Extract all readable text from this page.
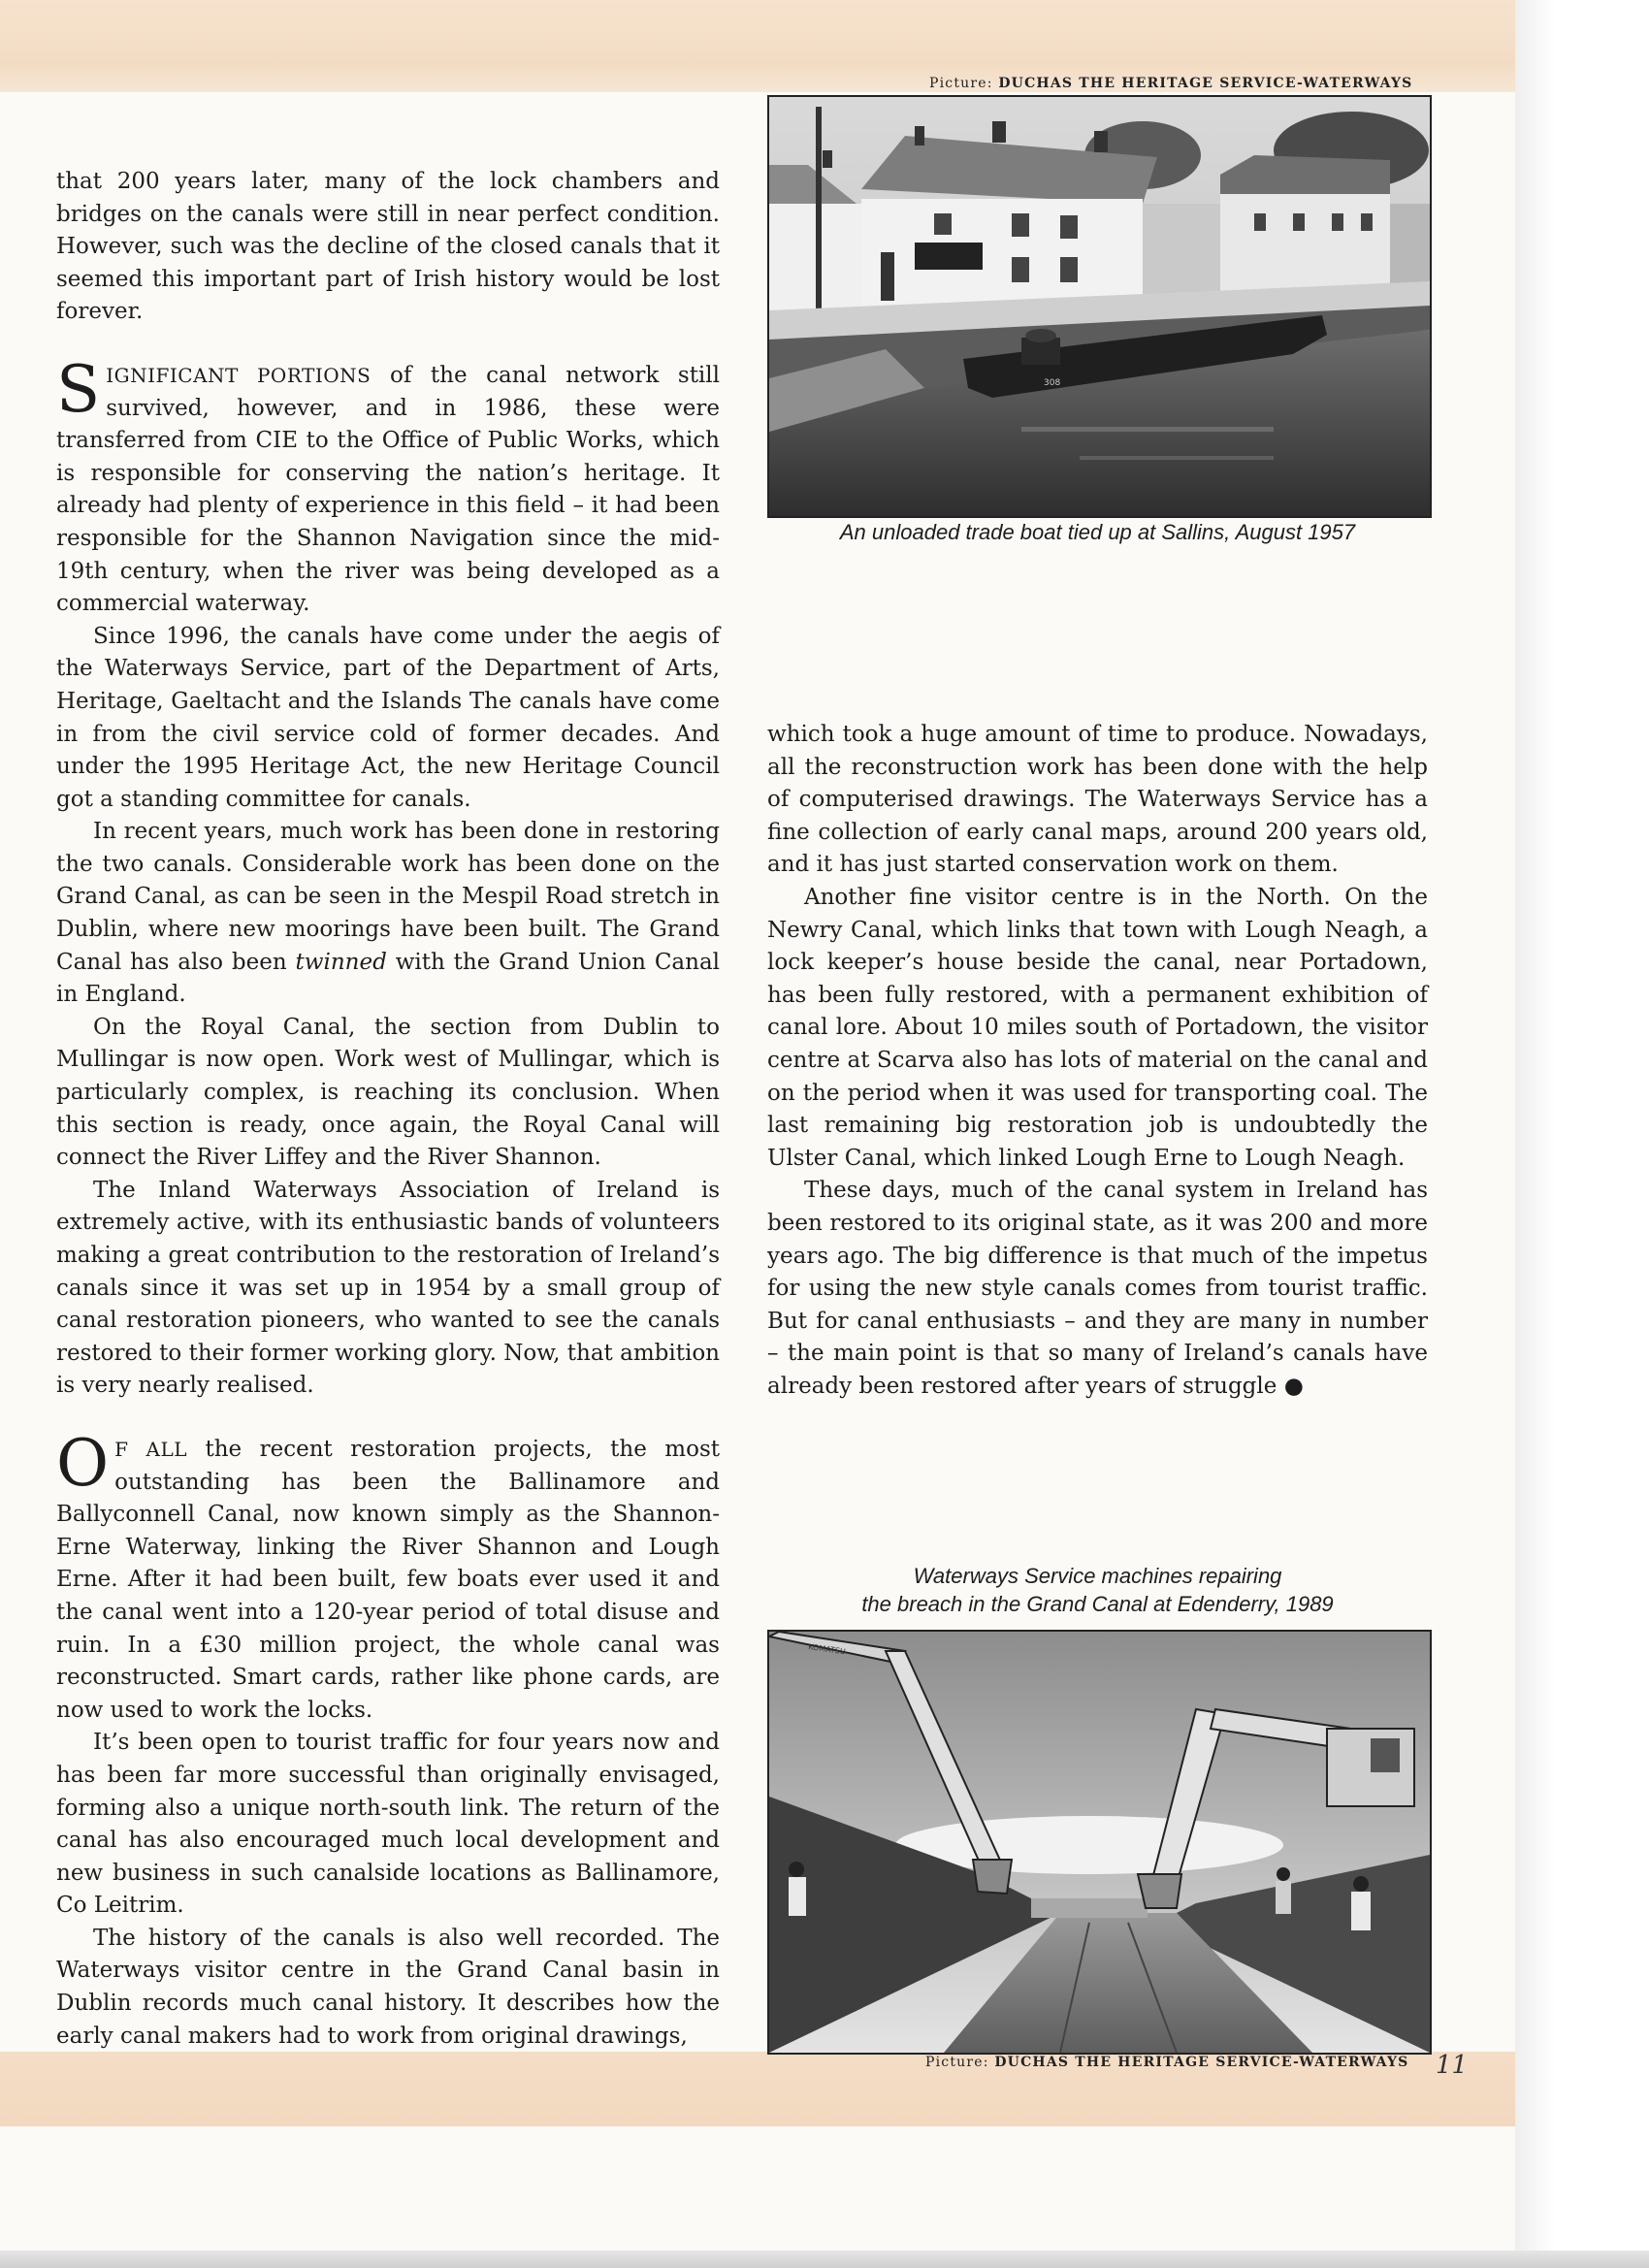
Picture: DUCHAS THE HERITAGE SERVICE-WATERWAYS
308
An unloaded trade boat tied up at Sallins, August 1957

that 200 years later, many of the lock chambers and bridges on the canals were still in near perfect condition. However, such was the decline of the closed canals that it seemed this important part of Irish history would be lost forever.

SIGNIFICANT PORTIONS of the canal network still survived, however, and in 1986, these were transferred from CIE to the Office of Public Works, which is responsible for conserving the nation’s heritage. It already had plenty of experience in this field – it had been responsible for the Shannon Navigation since the mid-19th century, when the river was being developed as a commercial waterway.

Since 1996, the canals have come under the aegis of the Waterways Service, part of the Department of Arts, Heritage, Gaeltacht and the Islands The canals have come in from the civil service cold of former decades. And under the 1995 Heritage Act, the new Heritage Council got a standing committee for canals.

In recent years, much work has been done in restoring the two canals. Considerable work has been done on the Grand Canal, as can be seen in the Mespil Road stretch in Dublin, where new moorings have been built. The Grand Canal has also been twinned with the Grand Union Canal in England.

On the Royal Canal, the section from Dublin to Mullingar is now open. Work west of Mullingar, which is particularly complex, is reaching its conclusion. When this section is ready, once again, the Royal Canal will connect the River Liffey and the River Shannon.

The Inland Waterways Association of Ireland is extremely active, with its enthusiastic bands of volunteers making a great contribution to the restoration of Ireland’s canals since it was set up in 1954 by a small group of canal restoration pioneers, who wanted to see the canals restored to their former working glory. Now, that ambition is very nearly realised.

O F ALL the recent restoration projects, the most outstanding has been the Ballinamore and Ballyconnell Canal, now known simply as the Shannon-Erne Waterway, linking the River Shannon and Lough Erne. After it had been built, few boats ever used it and the canal went into a 120-year period of total disuse and ruin. In a £30 million project, the whole canal was reconstructed. Smart cards, rather like phone cards, are now used to work the locks.

It’s been open to tourist traffic for four years now and has been far more successful than originally envisaged, forming also a unique north-south link. The return of the canal has also encouraged much local development and new business in such canalside locations as Ballinamore, Co Leitrim.

The history of the canals is also well recorded. The Waterways visitor centre in the Grand Canal basin in Dublin records much canal history. It describes how the early canal makers had to work from original drawings,

which took a huge amount of time to produce. Nowadays, all the reconstruction work has been done with the help of computerised drawings. The Waterways Service has a fine collection of early canal maps, around 200 years old, and it has just started conservation work on them.

Another fine visitor centre is in the North. On the Newry Canal, which links that town with Lough Neagh, a lock keeper’s house beside the canal, near Portadown, has been fully restored, with a permanent exhibition of canal lore. About 10 miles south of Portadown, the visitor centre at Scarva also has lots of material on the canal and on the period when it was used for transporting coal. The last remaining big restoration job is undoubtedly the Ulster Canal, which linked Lough Erne to Lough Neagh.

These days, much of the canal system in Ireland has been restored to its original state, as it was 200 and more years ago. The big difference is that much of the impetus for using the new style canals comes from tourist traffic. But for canal enthusiasts – and they are many in number – the main point is that so many of Ireland’s canals have already been restored after years of struggle ●

Waterways Service machines repairing
the breach in the Grand Canal at Edenderry, 1989
KOMATSU
Picture: DUCHAS THE HERITAGE SERVICE-WATERWAYS 11
